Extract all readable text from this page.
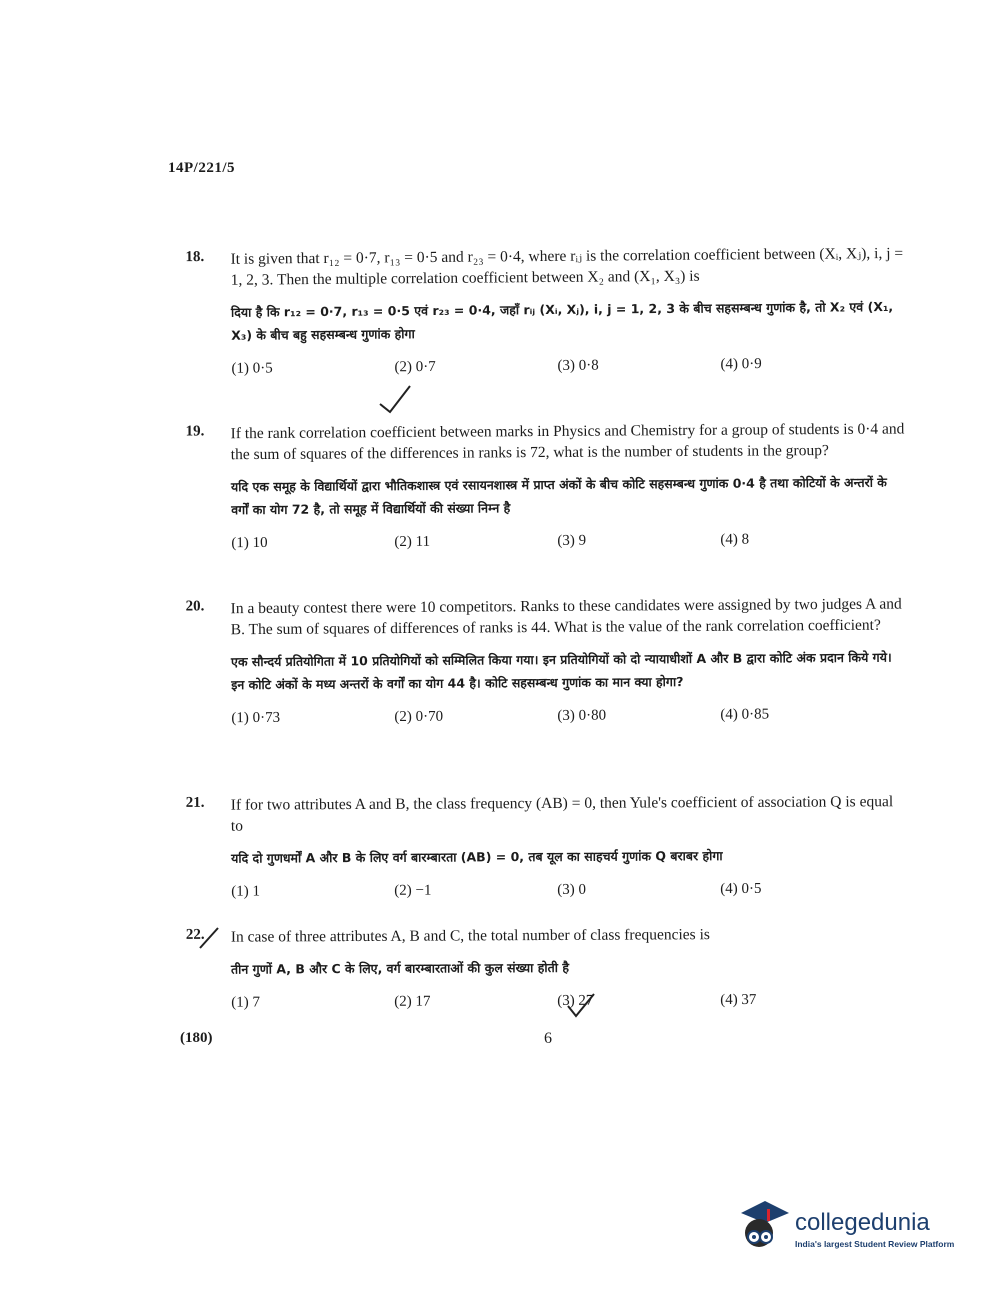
14P/221/5
18. It is given that r₁₂ = 0·7, r₁₃ = 0·5 and r₂₃ = 0·4, where rᵢⱼ is the correlation coefficient between (Xᵢ, Xⱼ), i, j = 1, 2, 3. Then the multiple correlation coefficient between X₂ and (X₁, X₃) is
दिया है कि r₁₂ = 0·7, r₁₃ = 0·5 एवं r₂₃ = 0·4, जहाँ rᵢⱼ (Xᵢ, Xⱼ), i, j = 1, 2, 3 के बीच सहसम्बन्ध गुणांक है, तो X₂ एवं (X₁, X₃) के बीच बहु सहसम्बन्ध गुणांक होगा
(1) 0·5	(2) 0·7	(3) 0·8	(4) 0·9
19. If the rank correlation coefficient between marks in Physics and Chemistry for a group of students is 0·4 and the sum of squares of the differences in ranks is 72, what is the number of students in the group?
यदि एक समूह के विद्यार्थियों द्वारा भौतिकशास्त्र एवं रसायनशास्त्र में प्राप्त अंकों के बीच कोटि सहसम्बन्ध गुणांक 0·4 है तथा कोटियों के अन्तरों के वर्गों का योग 72 है, तो समूह में विद्यार्थियों की संख्या निम्न है
(1) 10	(2) 11	(3) 9	(4) 8
20. In a beauty contest there were 10 competitors. Ranks to these candidates were assigned by two judges A and B. The sum of squares of differences of ranks is 44. What is the value of the rank correlation coefficient?
एक सौन्दर्य प्रतियोगिता में 10 प्रतियोगियों को सम्मिलित किया गया। इन प्रतियोगियों को दो न्यायाधीशों A और B द्वारा कोटि अंक प्रदान किये गये। इन कोटि अंकों के मध्य अन्तरों के वर्गों का योग 44 है। कोटि सहसम्बन्ध गुणांक का मान क्या होगा?
(1) 0·73	(2) 0·70	(3) 0·80	(4) 0·85
21. If for two attributes A and B, the class frequency (AB) = 0, then Yule's coefficient of association Q is equal to
यदि दो गुणधर्मों A और B के लिए वर्ग बारम्बारता (AB) = 0, तब यूल का साहचर्य गुणांक Q बराबर होगा
(1) 1	(2) −1	(3) 0	(4) 0·5
22. In case of three attributes A, B and C, the total number of class frequencies is
तीन गुणों A, B और C के लिए, वर्ग बारम्बारताओं की कुल संख्या होती है
(1) 7	(2) 17	(3) 27	(4) 37
(180)	6
collegedunia
India's largest Student Review Platform
